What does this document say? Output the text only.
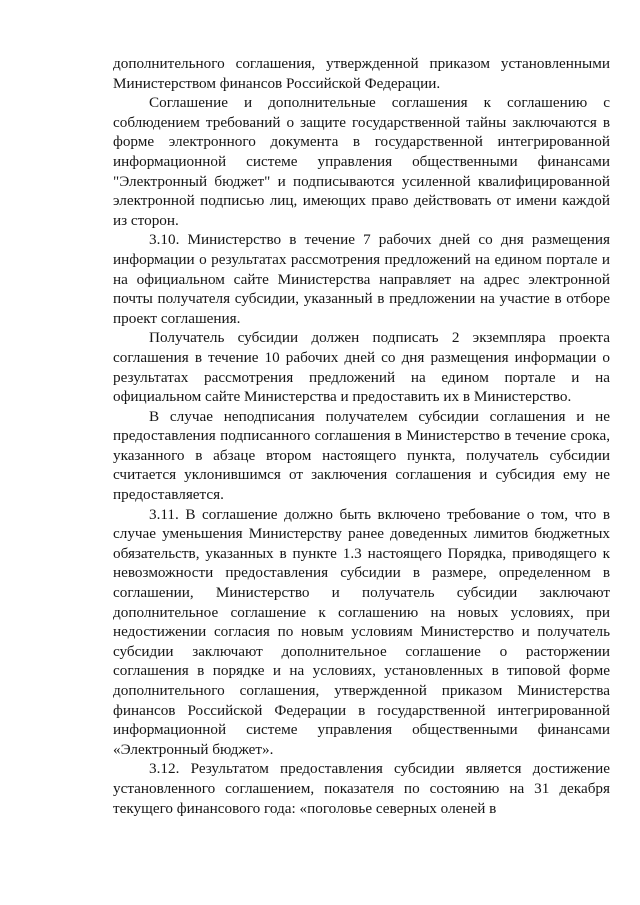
дополнительного соглашения, утвержденной приказом установленными Министерством финансов Российской Федерации.

Соглашение и дополнительные соглашения к соглашению с соблюдением требований о защите государственной тайны заключаются в форме электронного документа в государственной интегрированной информационной системе управления общественными финансами "Электронный бюджет" и подписываются усиленной квалифицированной электронной подписью лиц, имеющих право действовать от имени каждой из сторон.

3.10. Министерство в течение 7 рабочих дней со дня размещения информации о результатах рассмотрения предложений на едином портале и на официальном сайте Министерства направляет на адрес электронной почты получателя субсидии, указанный в предложении на участие в отборе проект соглашения.

Получатель субсидии должен подписать 2 экземпляра проекта соглашения в течение 10 рабочих дней со дня размещения информации о результатах рассмотрения предложений на едином портале и на официальном сайте Министерства и предоставить их в Министерство.

В случае неподписания получателем субсидии соглашения и не предоставления подписанного соглашения в Министерство в течение срока, указанного в абзаце втором настоящего пункта, получатель субсидии считается уклонившимся от заключения соглашения и субсидия ему не предоставляется.

3.11. В соглашение должно быть включено требование о том, что в случае уменьшения Министерству ранее доведенных лимитов бюджетных обязательств, указанных в пункте 1.3 настоящего Порядка, приводящего к невозможности предоставления субсидии в размере, определенном в соглашении, Министерство и получатель субсидии заключают дополнительное соглашение к соглашению на новых условиях, при недостижении согласия по новым условиям Министерство и получатель субсидии заключают дополнительное соглашение о расторжении соглашения в порядке и на условиях, установленных в типовой форме дополнительного соглашения, утвержденной приказом Министерства финансов Российской Федерации в государственной интегрированной информационной системе управления общественными финансами «Электронный бюджет».

3.12. Результатом предоставления субсидии является достижение установленного соглашением, показателя по состоянию на 31 декабря текущего финансового года: «поголовье северных оленей в
